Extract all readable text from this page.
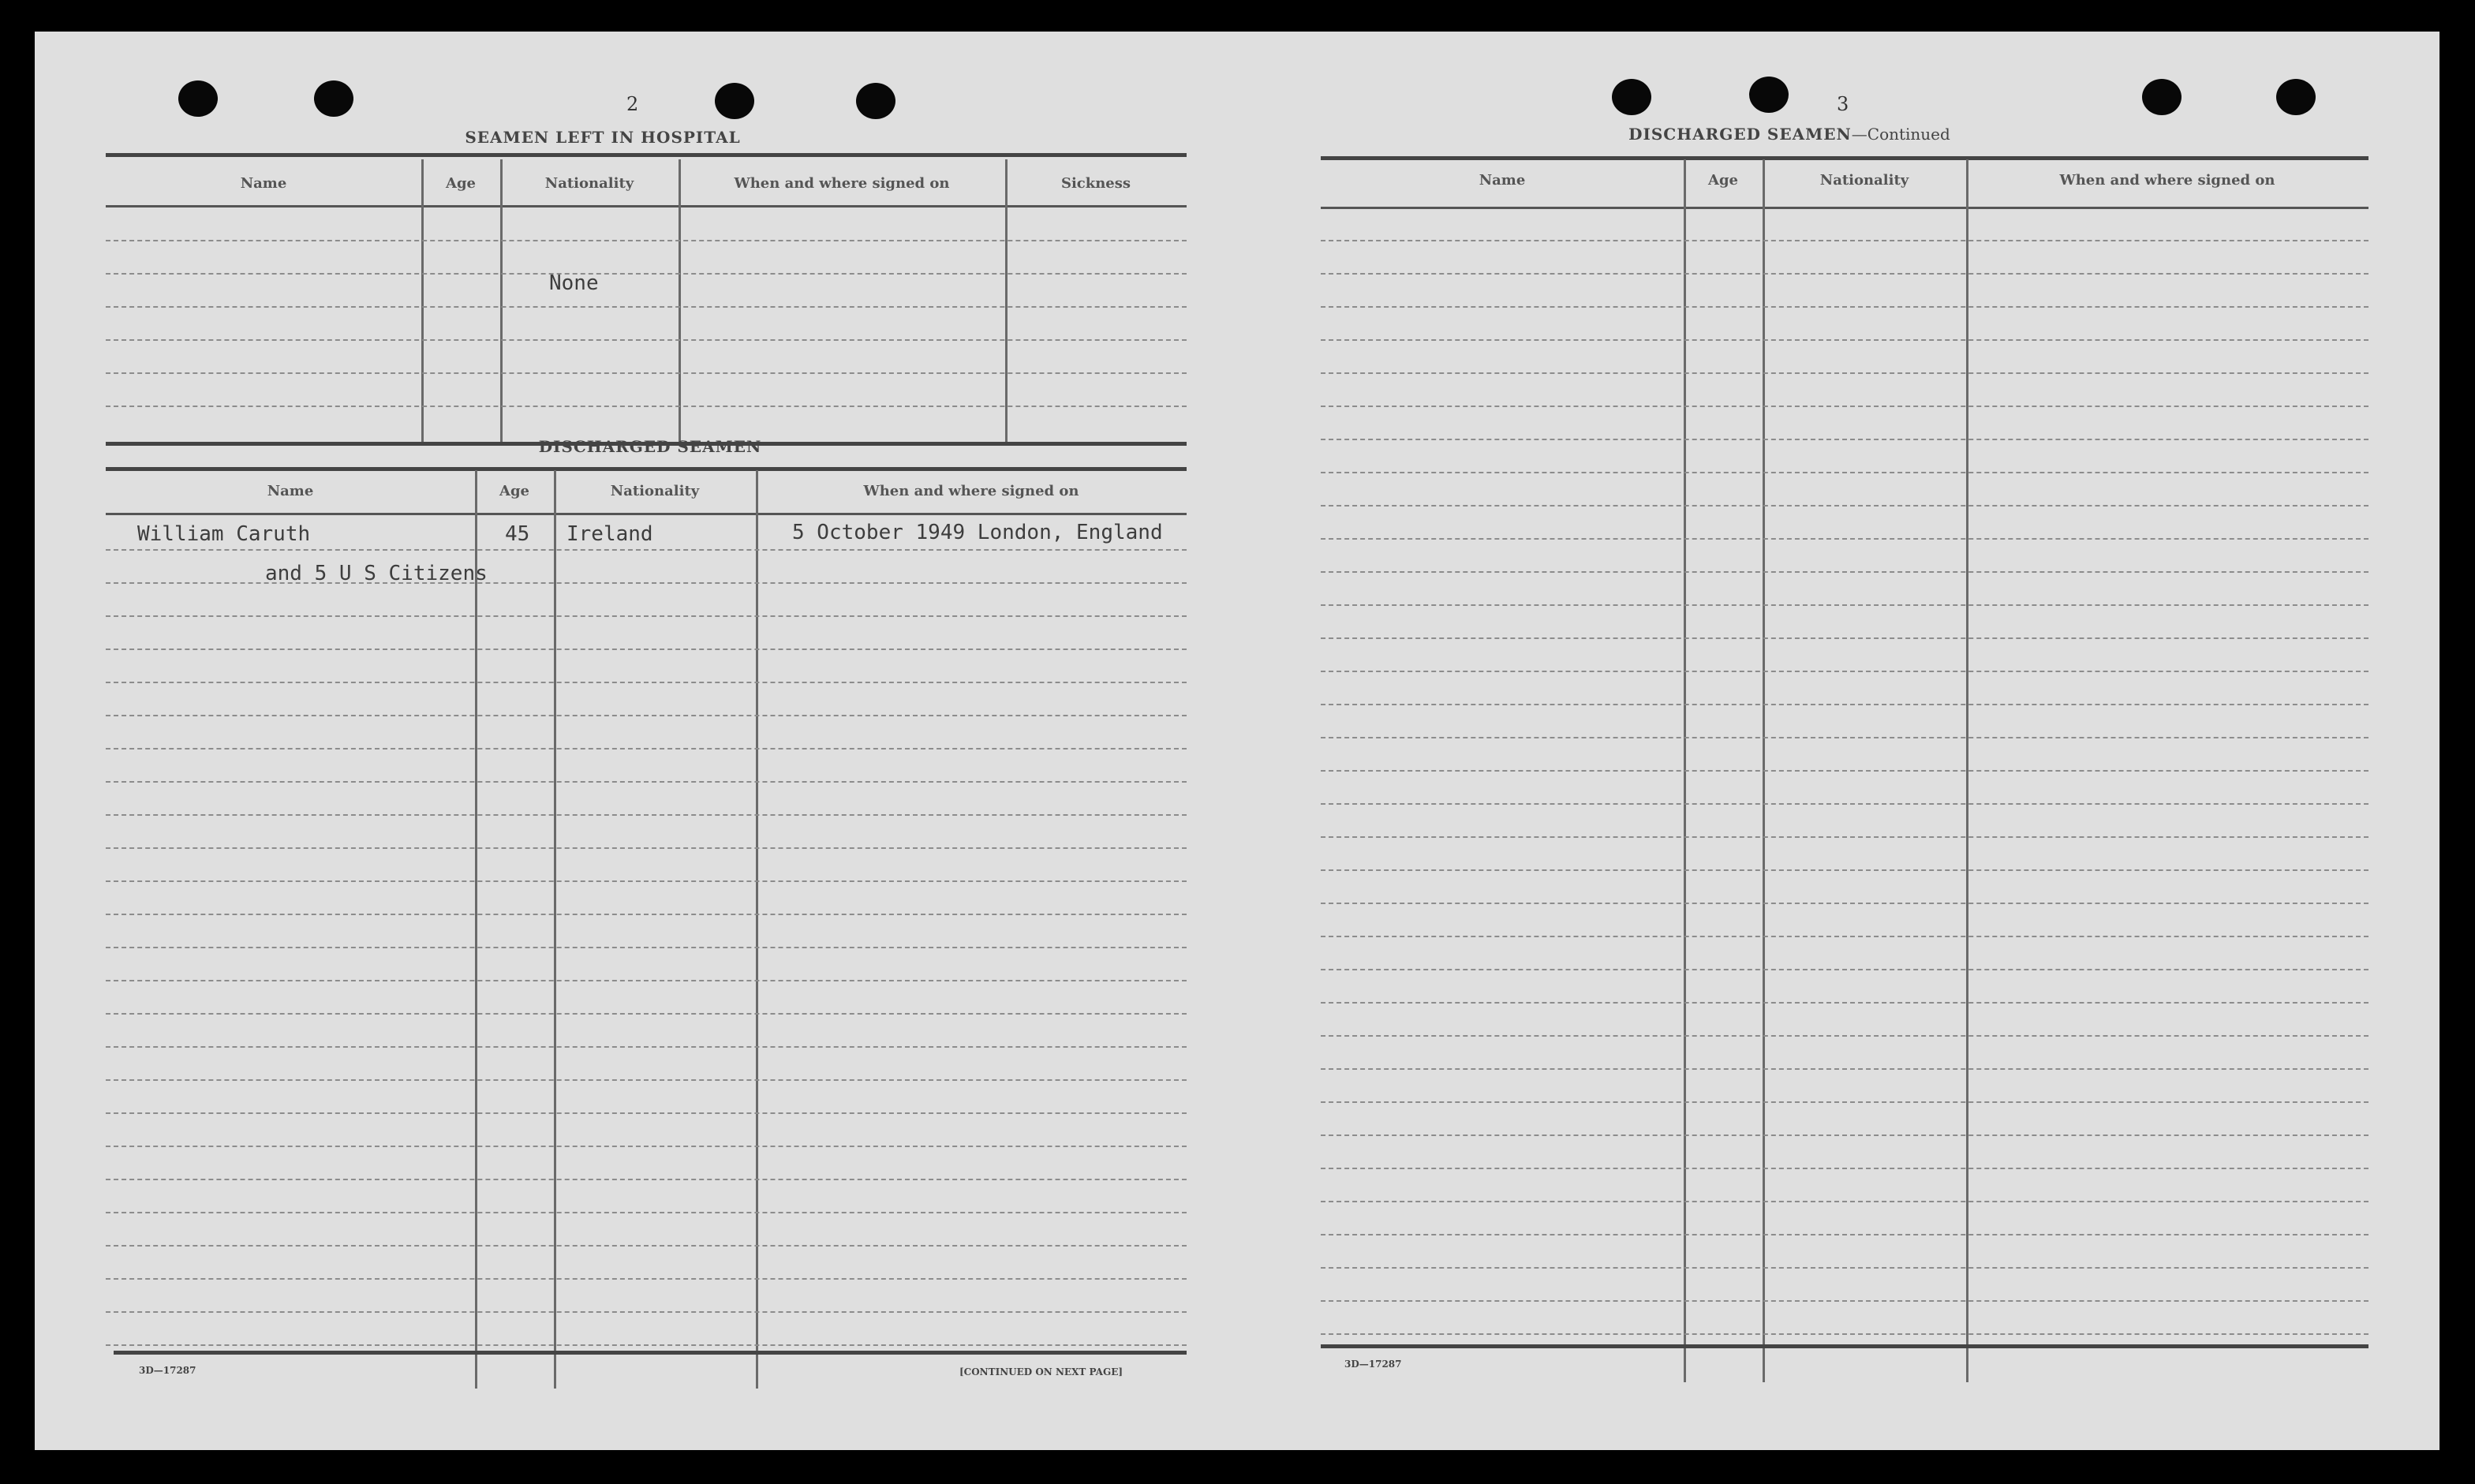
2
SEAMEN LEFT IN HOSPITAL
Name	Age	Nationality	When and where signed on	Sickness
None
DISCHARGED SEAMEN
Name	Age	Nationality	When and where signed on
William Caruth	45 Ireland	5 October 1949 London, England
and 5 U S Citizens
3D—17287	[CONTINUED ON NEXT PAGE]
3
DISCHARGED SEAMEN—Continued
Name	Age	Nationality	When and where signed on
3D—17287
